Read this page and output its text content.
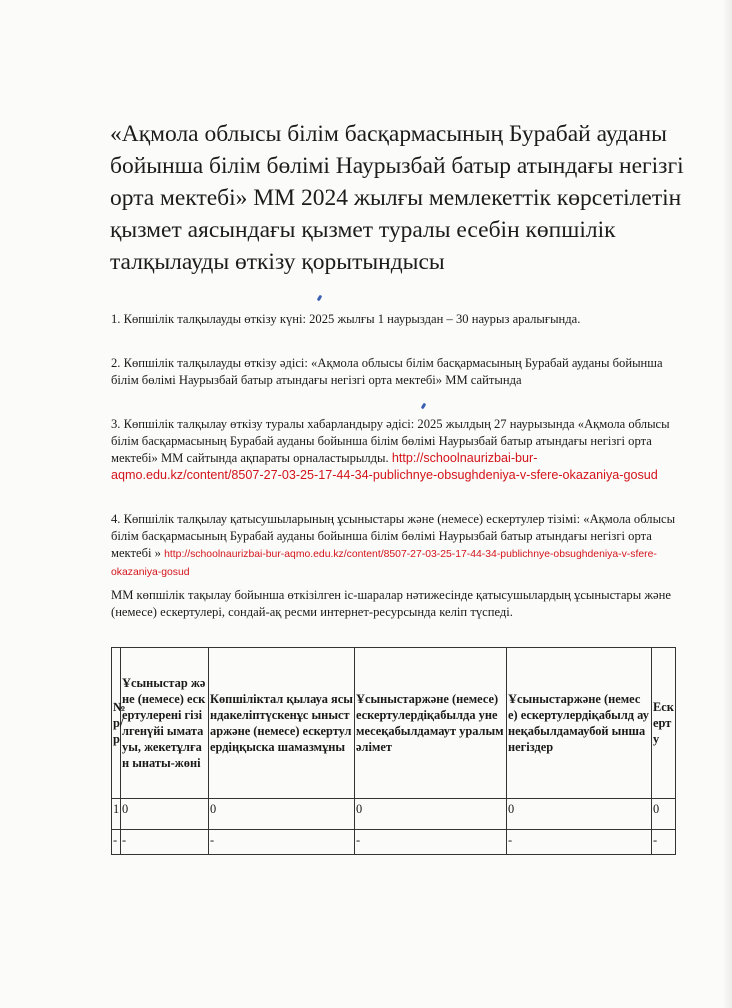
«Ақмола облысы білім басқармасының Бурабай ауданы бойынша білім бөлімі Наурызбай батыр атындағы негізгі орта мектебі» ММ 2024 жылғы мемлекеттік көрсетілетін қызмет аясындағы қызмет туралы есебін көпшілік талқылауды өткізу қорытындысы

1. Көпшілік талқылауды өткізу күні: 2025 жылғы 1 наурыздан – 30 наурыз аралығында.

2. Көпшілік талқылауды өткізу әдісі: «Ақмола облысы білім басқармасының Бурабай ауданы бойынша білім бөлімі Наурызбай батыр атындағы негізгі орта мектебі» ММ сайтында

3. Көпшілік талқылау өткізу туралы хабарландыру әдісі: 2025 жылдың 27 наурызында «Ақмола облысы білім басқармасының Бурабай ауданы бойынша білім бөлімі Наурызбай батыр атындағы негізгі орта мектебі» ММ сайтында ақпараты орналастырылды. http://schoolnaurizbai-bur-aqmo.edu.kz/content/8507-27-03-25-17-44-34-publichnye-obsughdeniya-v-sfere-okazaniya-gosud

4. Көпшілік талқылау қатысушыларының ұсыныстары және (немесе) ескертулер тізімі: «Ақмола облысы білім басқармасының Бурабай ауданы бойынша білім бөлімі Наурызбай батыр атындағы негізгі орта мектебі » http://schoolnaurizbai-bur-aqmo.edu.kz/content/8507-27-03-25-17-44-34-publichnye-obsughdeniya-v-sfere-okazaniya-gosud

ММ көпшілік тақылау бойынша өткізілген іс-шаралар нәтижесінде қатысушылардың ұсыныстары және (немесе) ескертулері, сондай-ақ ресми интернет-ресурсында келіп түспеді.

№ р/р	Ұсыныстар және (немесе) ескертулерені гізілгенүйі ыматауы, жекетұлған ынаты-жөні	Көпшіліктал қылауа ясындакеліптүскенұс ыныстаржәне (немесе) ескертулердіңқыска шамазмұны	Ұсыныстаржәне (немесе) ескертулердіқабылда унемесеқабылдамаут уралымәлімет	Ұсыныстаржәне (немесе) ескертулердіқабылд аунеқабылдамаубой ыншанегіздер	Ескерту
1	0	0	0	0	0
-	-	-	-	-	-
